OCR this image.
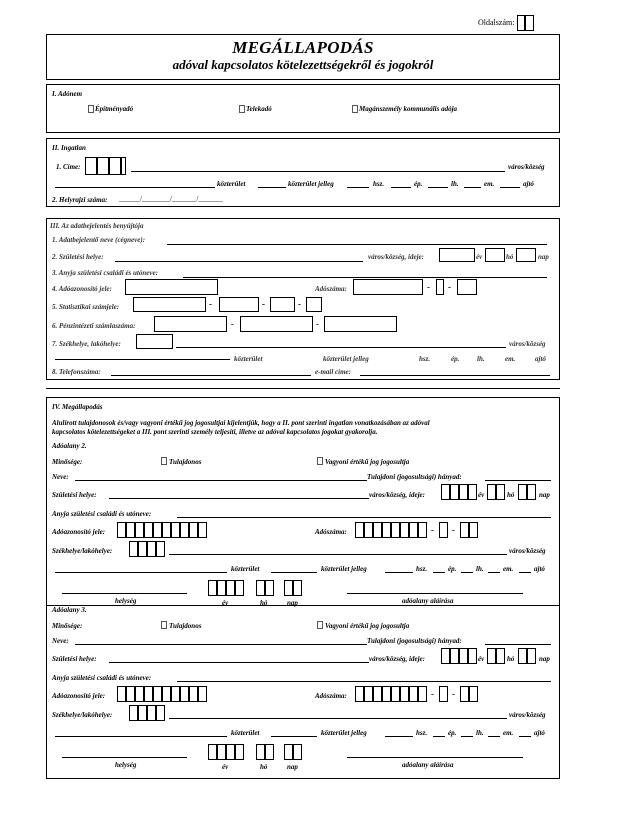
Oldalszám:
MEGÁLLAPODÁS
adóval kapcsolatos kötelezettségekről és jogokról
I. Adónem
Építményadó	Telekadó	Magánszemély kommunális adója
II. Ingatlan
1. Címe:	város/község
közterület	közterület jelleg	hsz.	ép.	lh.	em.	ajtó
2. Helyrajzi száma: ______/________/_______/_______
III. Az adatbejelentés benyújtója
1. Adatbejelentő neve (cégneve):
2. Születési helye:	város/község, ideje:	év	hó	nap
3. Anyja születési családi és utóneve:
4. Adóazonosító jele:	Adószáma:	- -
5. Statisztikai számjele:	-	-	-
6. Pénzintézeti számlaszáma:	-	-
7. Székhelye, lakóhelye:	város/község
közterület	közterület jelleg	hsz.	ép.	lh.	em.	ajtó
8. Telefonszáma:	e-mail címe:
IV. Megállapodás
Alulírott tulajdonosok és/vagy vagyoni értékű jog jogosultjai kijelentjük, hogy a II. pont szerinti ingatlan vonatkozásában az adóval
kapcsolatos kötelezettségeket a III. pont szerinti személy teljesíti, illetve az adóval kapcsolatos jogokat gyakorolja.
Adóalany 2.
Minősége:	Tulajdonos	Vagyoni értékű jog jogosultja
Neve:	Tulajdoni (jogosultsági) hányad:
Születési helye:	város/község, ideje:	év	hó	nap
Anyja születési családi és utóneve:
Adóazonosító jele:	Adószáma:	- -
Székhelye/lakóhelye:	város/község
közterület	közterület jelleg	hsz.	ép.	lh.	em.	ajtó
helység	év	hó	nap	adóalany aláírása
Adóalany 3.
Minősége:	Tulajdonos	Vagyoni értékű jog jogosultja
Neve:	Tulajdoni (jogosultsági) hányad:
Születési helye:	város/község, ideje:	év	hó	nap
Anyja születési családi és utóneve:
Adóazonosító jele:	Adószáma:	- -
Székhelye/lakóhelye:	város/község
közterület	közterület jelleg	hsz.	ép.	lh.	em.	ajtó
helység	év	hó	nap	adóalany aláírása
